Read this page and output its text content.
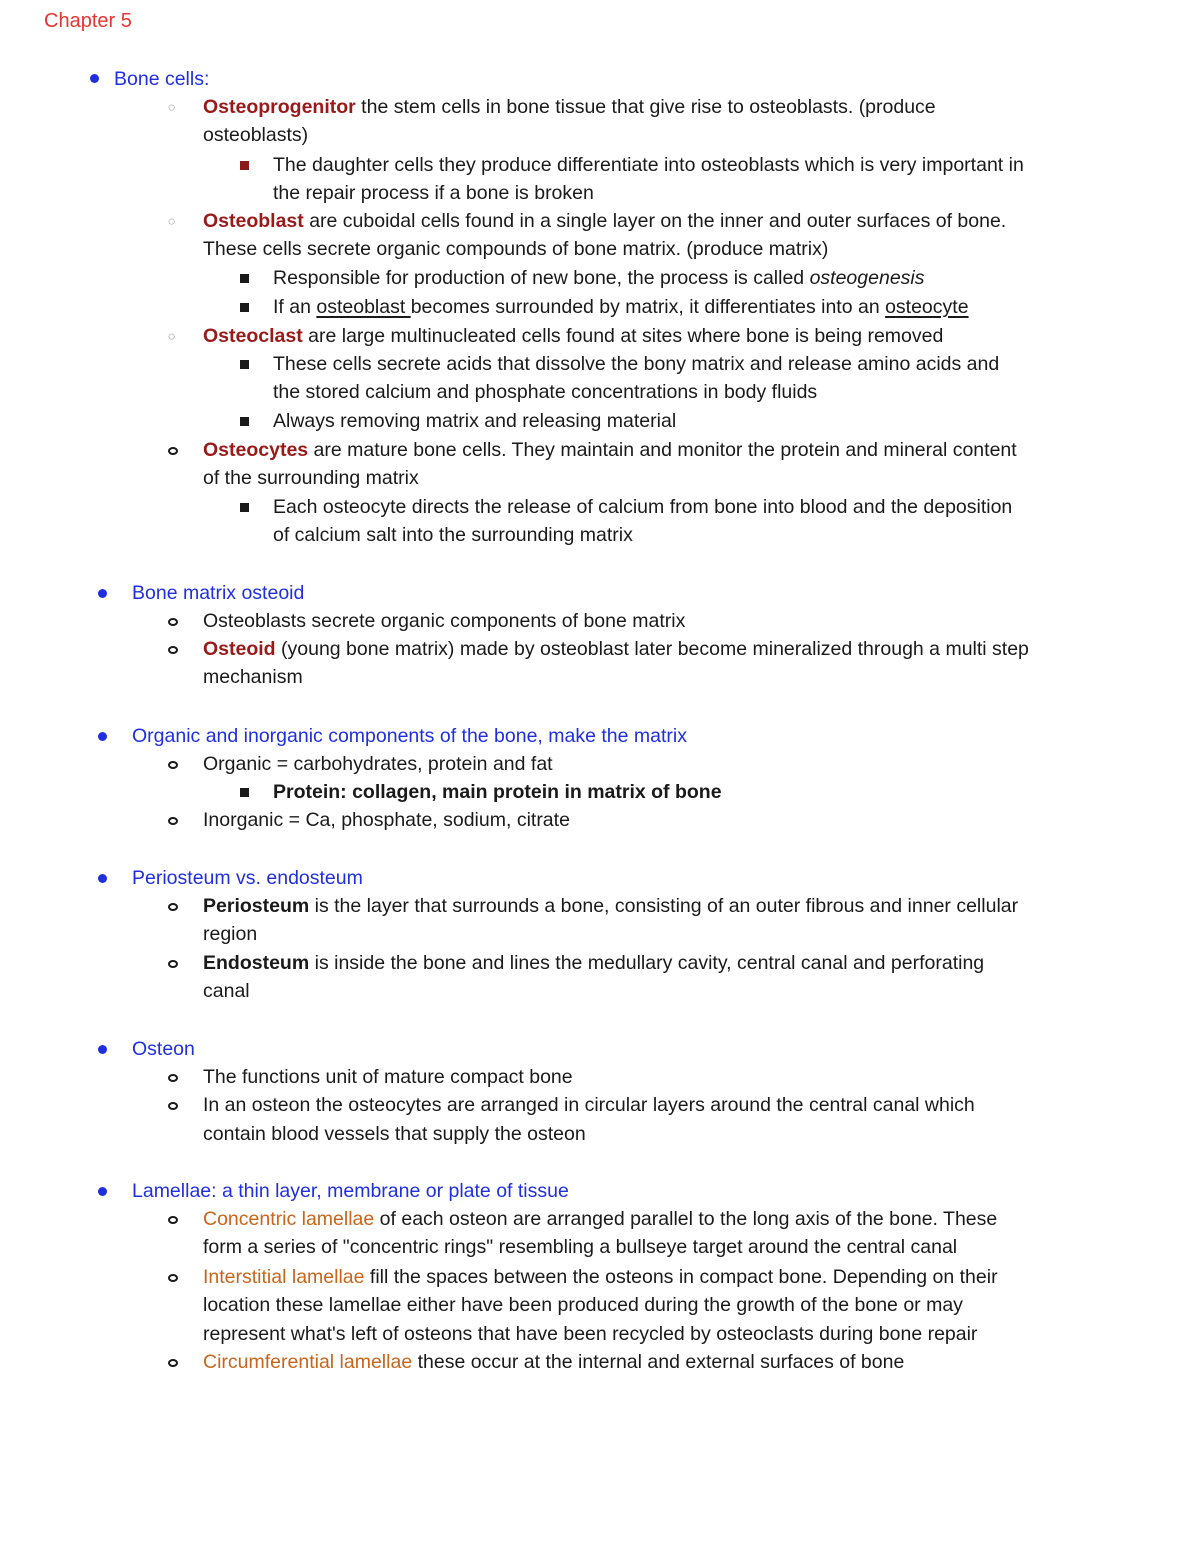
Chapter 5
Bone cells:
◌ Osteoprogenitor the stem cells in bone tissue that give rise to osteoblasts. (produce
osteoblasts)
The daughter cells they produce differentiate into osteoblasts which is very important in
the repair process if a bone is broken
◌ Osteoblast are cuboidal cells found in a single layer on the inner and outer surfaces of bone.
These cells secrete organic compounds of bone matrix. (produce matrix)
Responsible for production of new bone, the process is called osteogenesis
If an osteoblast becomes surrounded by matrix, it differentiates into an osteocyte
◌ Osteoclast are large multinucleated cells found at sites where bone is being removed
These cells secrete acids that dissolve the bony matrix and release amino acids and
the stored calcium and phosphate concentrations in body fluids
Always removing matrix and releasing material
Osteocytes are mature bone cells. They maintain and monitor the protein and mineral content
of the surrounding matrix
Each osteocyte directs the release of calcium from bone into blood and the deposition
of calcium salt into the surrounding matrix
Bone matrix osteoid
Osteoblasts secrete organic components of bone matrix
Osteoid (young bone matrix) made by osteoblast later become mineralized through a multi step
mechanism
Organic and inorganic components of the bone, make the matrix
Organic = carbohydrates, protein and fat
Protein: collagen, main protein in matrix of bone
Inorganic = Ca, phosphate, sodium, citrate
Periosteum vs. endosteum
Periosteum is the layer that surrounds a bone, consisting of an outer fibrous and inner cellular
region
Endosteum is inside the bone and lines the medullary cavity, central canal and perforating
canal
Osteon
The functions unit of mature compact bone
In an osteon the osteocytes are arranged in circular layers around the central canal which
contain blood vessels that supply the osteon
Lamellae: a thin layer, membrane or plate of tissue
Concentric lamellae of each osteon are arranged parallel to the long axis of the bone. These
form a series of "concentric rings" resembling a bullseye target around the central canal
Interstitial lamellae fill the spaces between the osteons in compact bone. Depending on their
location these lamellae either have been produced during the growth of the bone or may
represent what's left of osteons that have been recycled by osteoclasts during bone repair
Circumferential lamellae these occur at the internal and external surfaces of bone
